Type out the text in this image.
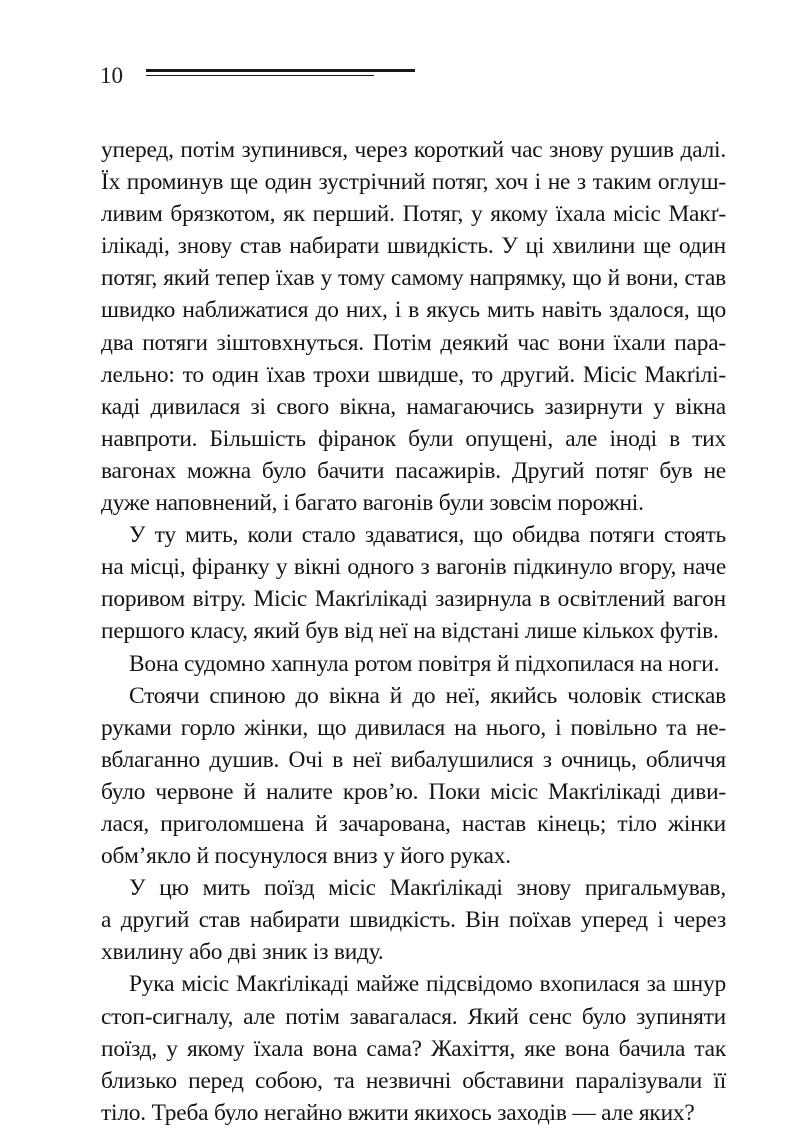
10
уперед, потім зупинився, через короткий час знову рушив далі.
Їх проминув ще один зустрічний потяг, хоч і не з таким оглуш-
ливим брязкотом, як перший. Потяг, у якому їхала місіс Макґ-
ілікаді, знову став набирати швидкість. У ці хвилини ще один
потяг, який тепер їхав у тому самому напрямку, що й вони, став
швидко наближатися до них, і в якусь мить навіть здалося, що
два потяги зіштовхнуться. Потім деякий час вони їхали пара-
лельно: то один їхав трохи швидше, то другий. Місіс Макґілі-
каді дивилася зі свого вікна, намагаючись зазирнути у вікна
навпроти. Більшість фіранок були опущені, але іноді в тих
вагонах можна було бачити пасажирів. Другий потяг був не
дуже наповнений, і багато вагонів були зовсім порожні.
У ту мить, коли стало здаватися, що обидва потяги стоять
на місці, фіранку у вікні одного з вагонів підкинуло вгору, наче
поривом вітру. Місіс Макґілікаді зазирнула в освітлений вагон
першого класу, який був від неї на відстані лише кількох футів.
Вона судомно хапнула ротом повітря й підхопилася на ноги.
Стоячи спиною до вікна й до неї, якийсь чоловік стискав
руками горло жінки, що дивилася на нього, і повільно та не-
вблаганно душив. Очі в неї вибалушилися з очниць, обличчя
було червоне й налите кров’ю. Поки місіс Макґілікаді диви-
лася, приголомшена й зачарована, настав кінець; тіло жінки
обм’якло й посунулося вниз у його руках.
У цю мить поїзд місіс Макґілікаді знову пригальмував,
а другий став набирати швидкість. Він поїхав уперед і через
хвилину або дві зник із виду.
Рука місіс Макґілікаді майже підсвідомо вхопилася за шнур
стоп-сигналу, але потім завагалася. Який сенс було зупиняти
поїзд, у якому їхала вона сама? Жахіття, яке вона бачила так
близько перед собою, та незвичні обставини паралізували її
тіло. Треба було негайно вжити якихось заходів — але яких?
